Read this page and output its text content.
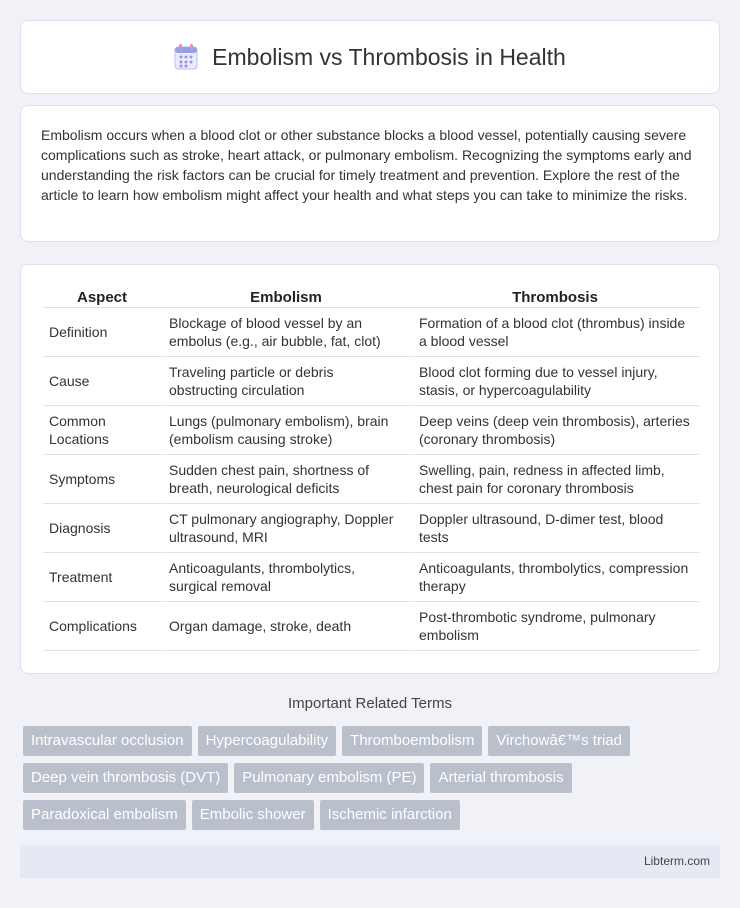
Embolism vs Thrombosis in Health

Embolism occurs when a blood clot or other substance blocks a blood vessel, potentially causing severe complications such as stroke, heart attack, or pulmonary embolism. Recognizing the symptoms early and understanding the risk factors can be crucial for timely treatment and prevention. Explore the rest of the article to learn how embolism might affect your health and what steps you can take to minimize the risks.

Aspect	Embolism	Thrombosis
Definition	Blockage of blood vessel by an embolus (e.g., air bubble, fat, clot)	Formation of a blood clot (thrombus) inside a blood vessel
Cause	Traveling particle or debris obstructing circulation	Blood clot forming due to vessel injury, stasis, or hypercoagulability
Common Locations	Lungs (pulmonary embolism), brain (embolism causing stroke)	Deep veins (deep vein thrombosis), arteries (coronary thrombosis)
Symptoms	Sudden chest pain, shortness of breath, neurological deficits	Swelling, pain, redness in affected limb, chest pain for coronary thrombosis
Diagnosis	CT pulmonary angiography, Doppler ultrasound, MRI	Doppler ultrasound, D-dimer test, blood tests
Treatment	Anticoagulants, thrombolytics, surgical removal	Anticoagulants, thrombolytics, compression therapy
Complications	Organ damage, stroke, death	Post-thrombotic syndrome, pulmonary embolism
Important Related Terms
Intravascular occlusion	Hypercoagulability	Thromboembolism	Virchowâ€™s triad
Deep vein thrombosis (DVT)	Pulmonary embolism (PE)	Arterial thrombosis
Paradoxical embolism	Embolic shower	Ischemic infarction
Libterm.com
